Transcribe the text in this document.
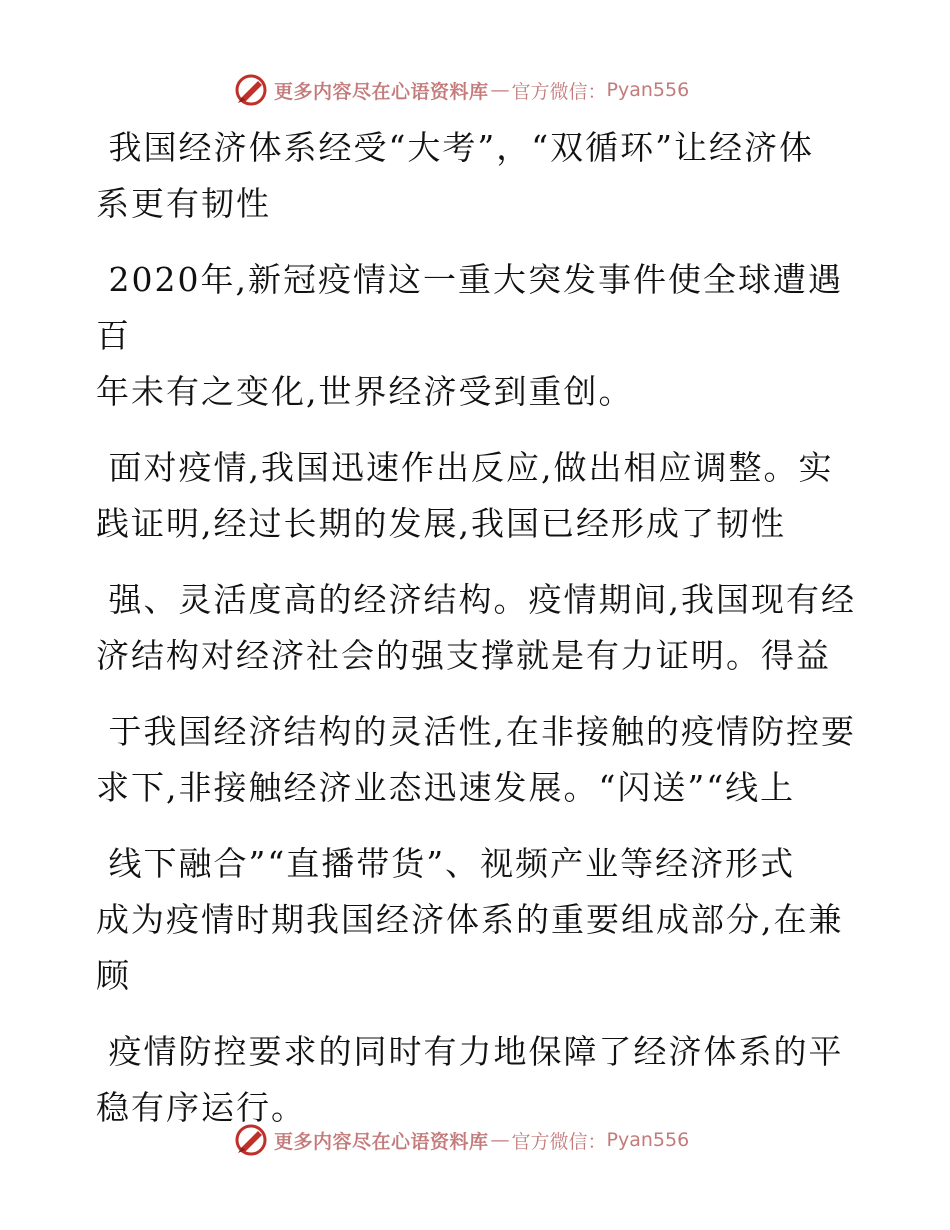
更多内容尽在心语资料库 — 官方微信： Pyan556

我国经济体系经受“大考”，“双循环”让经济体
系更有韧性

2020年,新冠疫情这一重大突发事件使全球遭遇百
年未有之变化,世界经济受到重创。

面对疫情,我国迅速作出反应,做出相应调整。实
践证明,经过长期的发展,我国已经形成了韧性

强、灵活度高的经济结构。疫情期间,我国现有经
济结构对经济社会的强支撑就是有力证明。得益

于我国经济结构的灵活性,在非接触的疫情防控要
求下,非接触经济业态迅速发展。“闪送”“线上

线下融合”“直播带货”、视频产业等经济形式
成为疫情时期我国经济体系的重要组成部分,在兼
顾

疫情防控要求的同时有力地保障了经济体系的平
稳有序运行。

更多内容尽在心语资料库 — 官方微信： Pyan556
